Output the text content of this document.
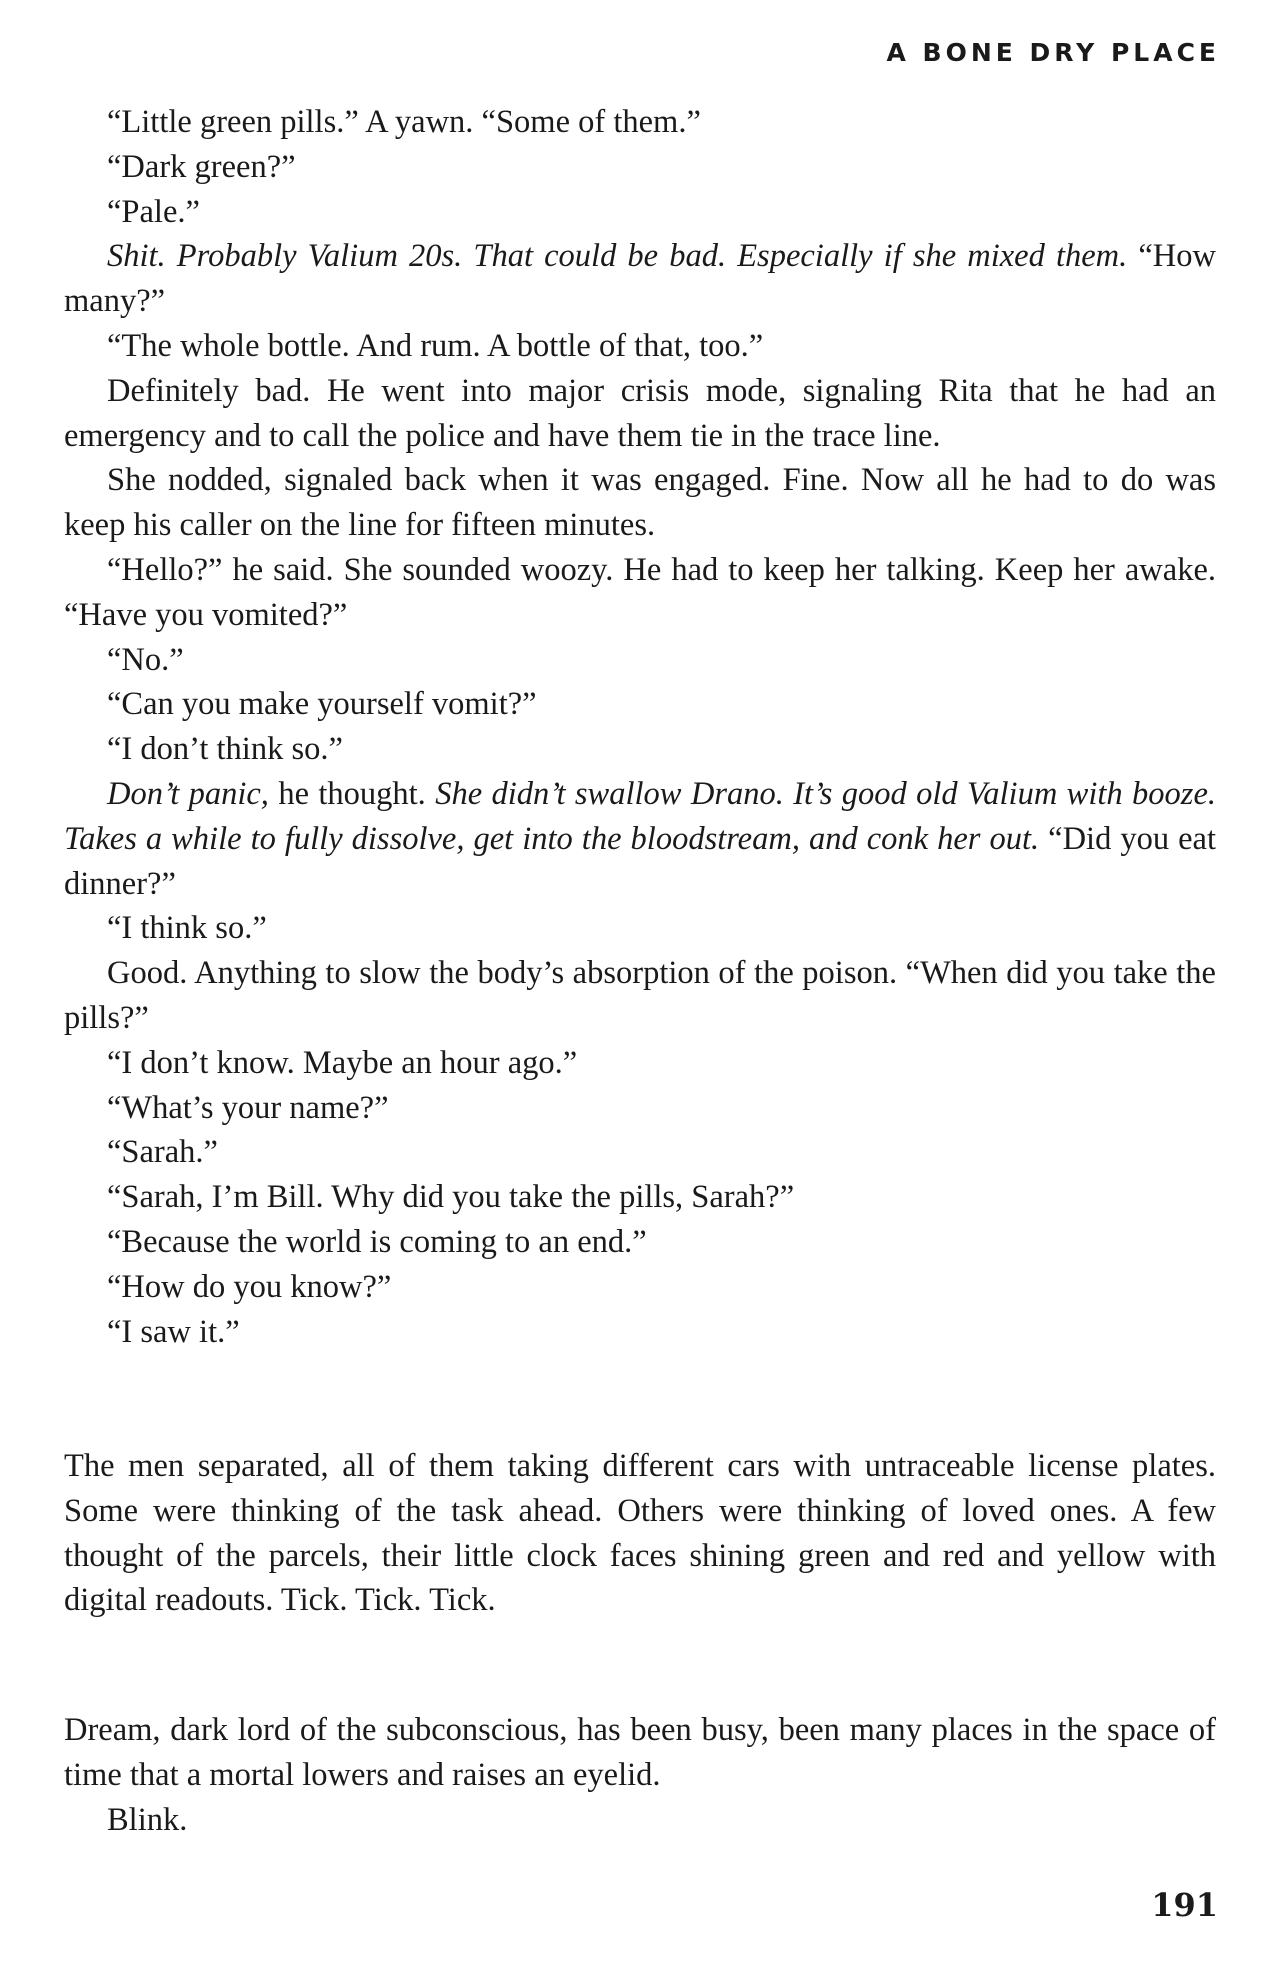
A BONE DRY PLACE

“Little green pills.” A yawn. “Some of them.”

“Dark green?”

“Pale.”

Shit. Probably Valium 20s. That could be bad. Especially if she mixed them. “How many?”

“The whole bottle. And rum. A bottle of that, too.”

Definitely bad. He went into major crisis mode, signaling Rita that he had an emergency and to call the police and have them tie in the trace line.

She nodded, signaled back when it was engaged. Fine. Now all he had to do was keep his caller on the line for fifteen minutes.

“Hello?” he said. She sounded woozy. He had to keep her talking. Keep her awake. “Have you vomited?”

“No.”

“Can you make yourself vomit?”

“I don’t think so.”

Don’t panic, he thought. She didn’t swallow Drano. It’s good old Valium with booze. Takes a while to fully dissolve, get into the bloodstream, and conk her out. “Did you eat dinner?”

“I think so.”

Good. Anything to slow the body’s absorption of the poison. “When did you take the pills?”

“I don’t know. Maybe an hour ago.”

“What’s your name?”

“Sarah.”

“Sarah, I’m Bill. Why did you take the pills, Sarah?”

“Because the world is coming to an end.”

“How do you know?”

“I saw it.”

The men separated, all of them taking different cars with untraceable license plates. Some were thinking of the task ahead. Others were thinking of loved ones. A few thought of the parcels, their little clock faces shining green and red and yellow with digital readouts. Tick. Tick. Tick.

Dream, dark lord of the subconscious, has been busy, been many places in the space of time that a mortal lowers and raises an eyelid.

Blink.

191
